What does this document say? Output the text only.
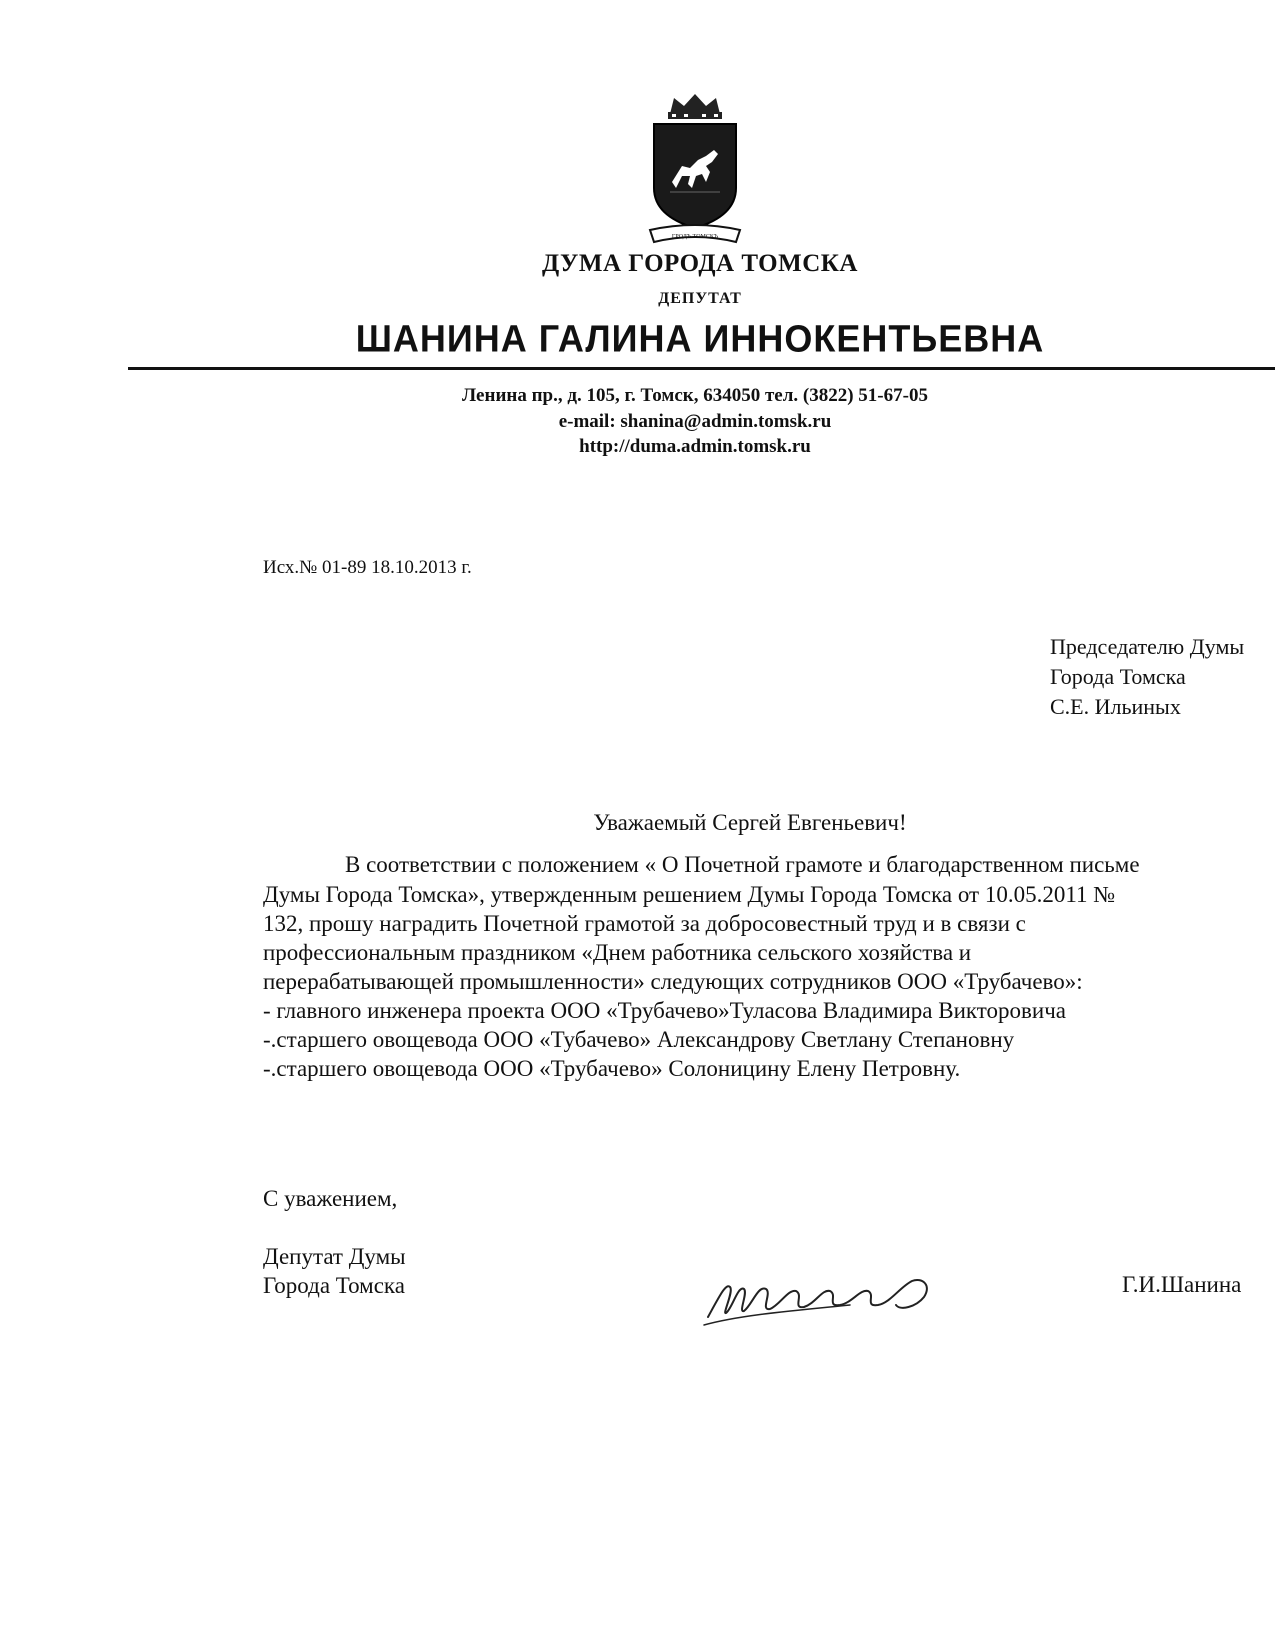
ГРОДЪ ТОМСКЪ
ДУМА ГОРОДА ТОМСКА
ДЕПУТАТ
ШАНИНА ГАЛИНА ИННОКЕНТЬЕВНА
Ленина пр., д. 105, г. Томск, 634050 тел. (3822) 51-67-05
e-mail: shanina@admin.tomsk.ru
http://duma.admin.tomsk.ru
Исх.№ 01-89 18.10.2013 г.
Председателю Думы
Города Томска
С.Е. Ильиных
Уважаемый Сергей Евгеньевич!
В соответствии с положением « О Почетной грамоте и благодарственном письме
Думы Города Томска», утвержденным решением Думы Города Томска от 10.05.2011 №
132, прошу наградить Почетной грамотой за добросовестный труд и в связи с
профессиональным праздником «Днем работника сельского хозяйства и
перерабатывающей промышленности» следующих сотрудников ООО «Трубачево»:
- главного инженера проекта ООО «Трубачево»Туласова Владимира Викторовича
-.старшего овощевода ООО «Тубачево» Александрову Светлану Степановну
-.старшего овощевода ООО «Трубачево» Солоницину Елену Петровну.
С уважением,
Депутат Думы
Города Томска	Г.И.Шанина
